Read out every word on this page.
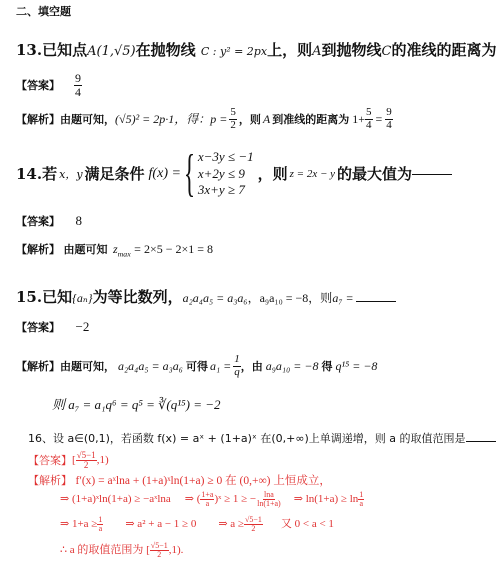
二、填空题
13.已知点A(1,√5)在抛物线 C : y² = 2px上，则A到抛物线C的准线的距离为
【答案】 $\frac{9}{4}$
【解析】 由题可知， (√5)² = 2p·1，得：$p = \frac{5}{2}$ ，则 A 到准线的距离为 $1+ \frac{5}{4} = \frac{9}{4}$
14.若 x，y 满足条件 f(x) = { x−3y ≤ −1
x+2y ≤ 9
3x+y ≥ 7
，则 z = 2x − y 的最大值为
【答案】 8
【解析】 由题可知 $z_{max} = 2\times 5 - 2\times 1 = 8$
15.已知{aₙ}为等比数列，a₂a₄a₅ = a₃a₆，a₉a₁₀ = −8，则a₇ =
【答案】 −2
【解析】 由题可知， a₂a₄a₅ = a₃a₆ 可得 $a_1 = \frac{1}{q}$ ，由 a₉a₁₀ = −8 得 q¹⁵ = −8
则 a₇ = a₁q⁶ = q⁵ = ∛(q¹⁵) = −2
16、设 a∈(0,1)，若函数 f(x) = aˣ + (1+a)ˣ 在(0,+∞)上单调递增，则 a 的取值范围是
【答案】 [ $\frac{√5-1}{2} ,1$)
【解析】 f′(x) = aˣlna + (1+a)ˣln(1+a) ≥ 0 在 (0,+∞) 上恒成立，
⇒ (1+a)ˣln(1+a) ≥ −aˣlna ⇒ ( $\frac{1+a}{a}$ )ˣ ≥ 1 ≥ − $\frac{\ln a}{\ln(1+a)}$ ⇒ $\ln(1+a) \ge \ln \frac{1}{a}$
⇒ $1+a \ge \frac{1}{a}$ ⇒ a² + a − 1 ≥ 0 ⇒ $a \ge \frac{√5-1}{2}$ 又 0 < a < 1
∴ a 的取值范围为 [ $\frac{√5-1}{2} ,1$).
